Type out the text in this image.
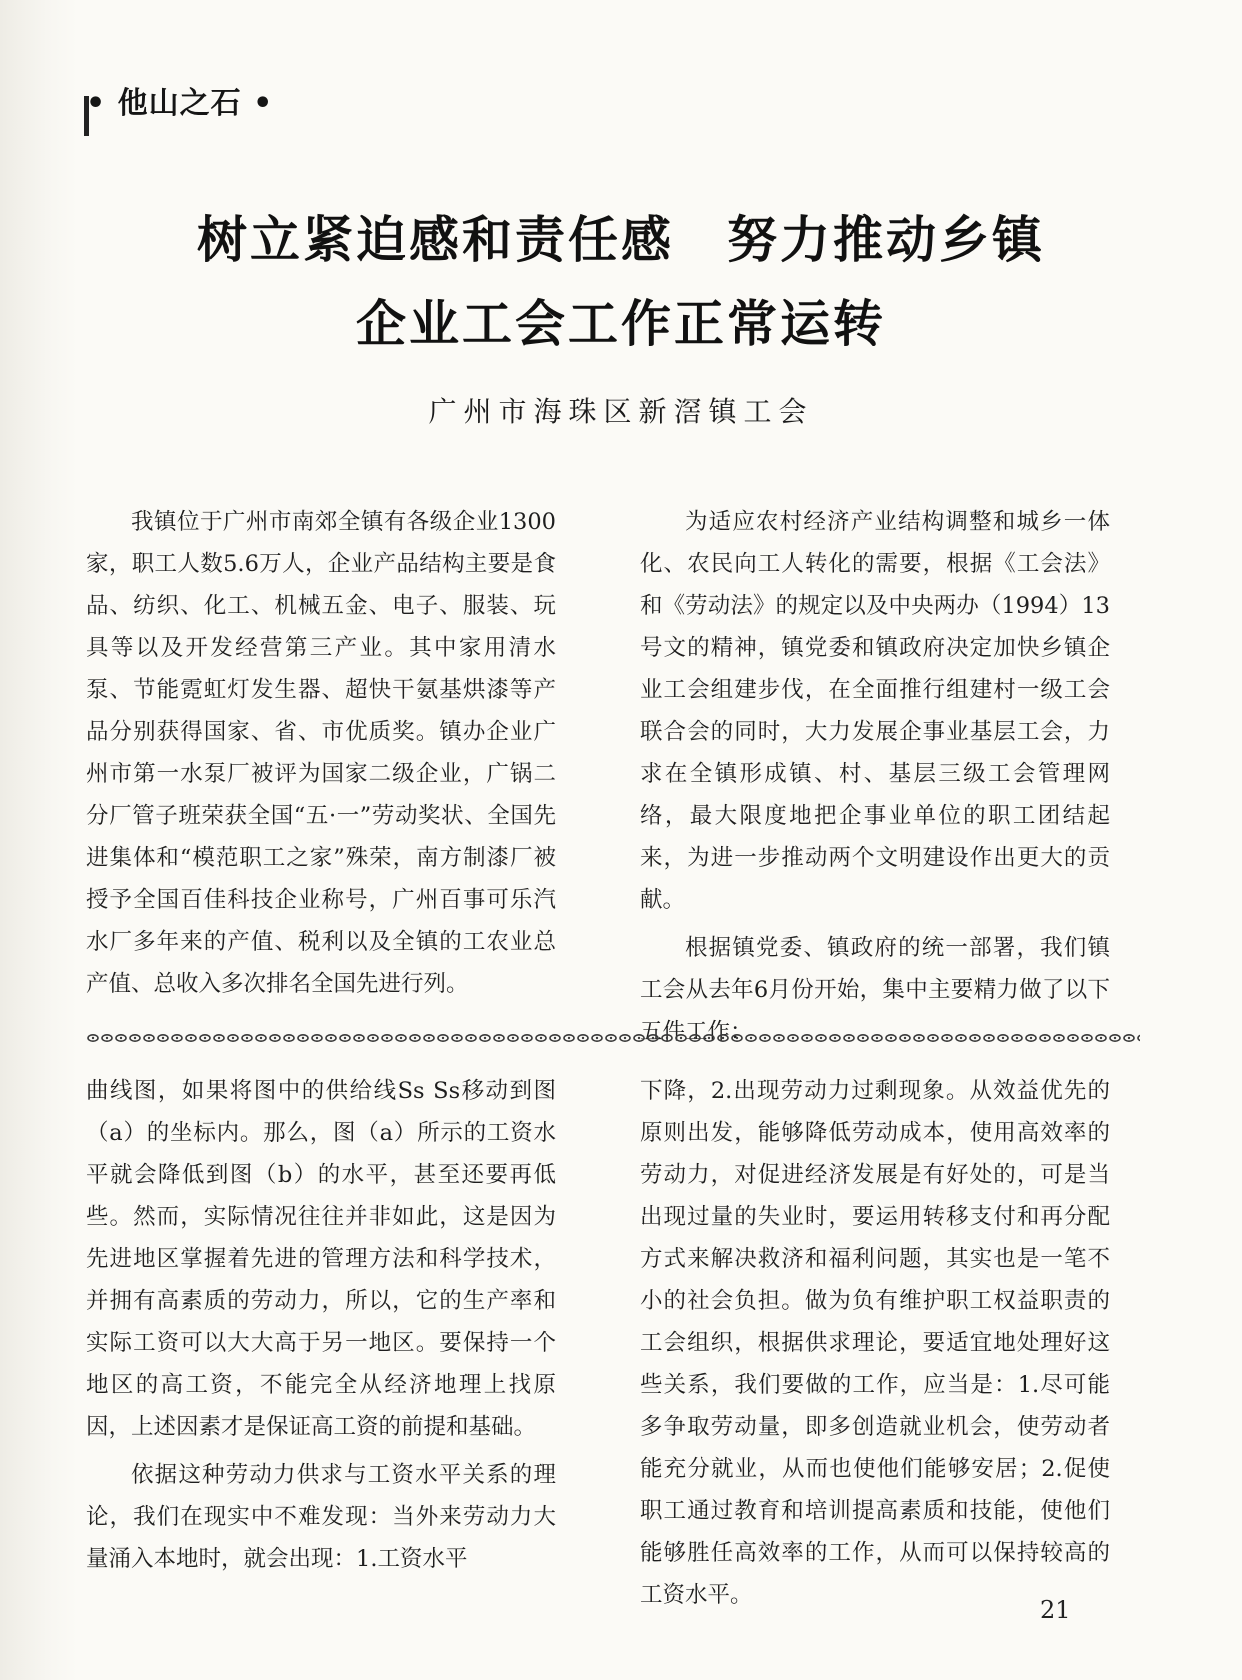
• 他山之石 •
树立紧迫感和责任感　努力推动乡镇
企业工会工作正常运转
广州市海珠区新滘镇工会

我镇位于广州市南郊全镇有各级企业1300家，职工人数5.6万人，企业产品结构主要是食品、纺织、化工、机械五金、电子、服装、玩具等以及开发经营第三产业。其中家用清水泵、节能霓虹灯发生器、超快干氨基烘漆等产品分别获得国家、省、市优质奖。镇办企业广州市第一水泵厂被评为国家二级企业，广锅二分厂管子班荣获全国“五·一”劳动奖状、全国先进集体和“模范职工之家”殊荣，南方制漆厂被授予全国百佳科技企业称号，广州百事可乐汽水厂多年来的产值、税利以及全镇的工农业总产值、总收入多次排名全国先进行列。

为适应农村经济产业结构调整和城乡一体化、农民向工人转化的需要，根据《工会法》和《劳动法》的规定以及中央两办（1994）13号文的精神，镇党委和镇政府决定加快乡镇企业工会组建步伐，在全面推行组建村一级工会联合会的同时，大力发展企事业基层工会，力求在全镇形成镇、村、基层三级工会管理网络，最大限度地把企事业单位的职工团结起来，为进一步推动两个文明建设作出更大的贡献。

根据镇党委、镇政府的统一部署，我们镇工会从去年6月份开始，集中主要精力做了以下

曲线图，如果将图中的供给线Ss Ss移动到图（a）的坐标内。那么，图（a）所示的工资水平就会降低到图（b）的水平，甚至还要再低些。然而，实际情况往往并非如此，这是因为先进地区掌握着先进的管理方法和科学技术，并拥有高素质的劳动力，所以，它的生产率和实际工资可以大大高于另一地区。要保持一个地区的高工资，不能完全从经济地理上找原因，上述因素才是保证高工资的前提和基础。

依据这种劳动力供求与工资水平关系的理论，我们在现实中不难发现：当外来劳动力大量涌入本地时，就会出现：1.工资水平

下降，2.出现劳动力过剩现象。从效益优先的原则出发，能够降低劳动成本，使用高效率的劳动力，对促进经济发展是有好处的，可是当出现过量的失业时，要运用转移支付和再分配方式来解决救济和福利问题，其实也是一笔不小的社会负担。做为负有维护职工权益职责的工会组织，根据供求理论，要适宜地处理好这些关系，我们要做的工作，应当是：1.尽可能多争取劳动量，即多创造就业机会，使劳动者能充分就业，从而也使他们能够安居；2.促使职工通过教育和培训提高素质和技能，使他们能够胜任高效率的工作，从而可以保持较高的工资水平。

21
